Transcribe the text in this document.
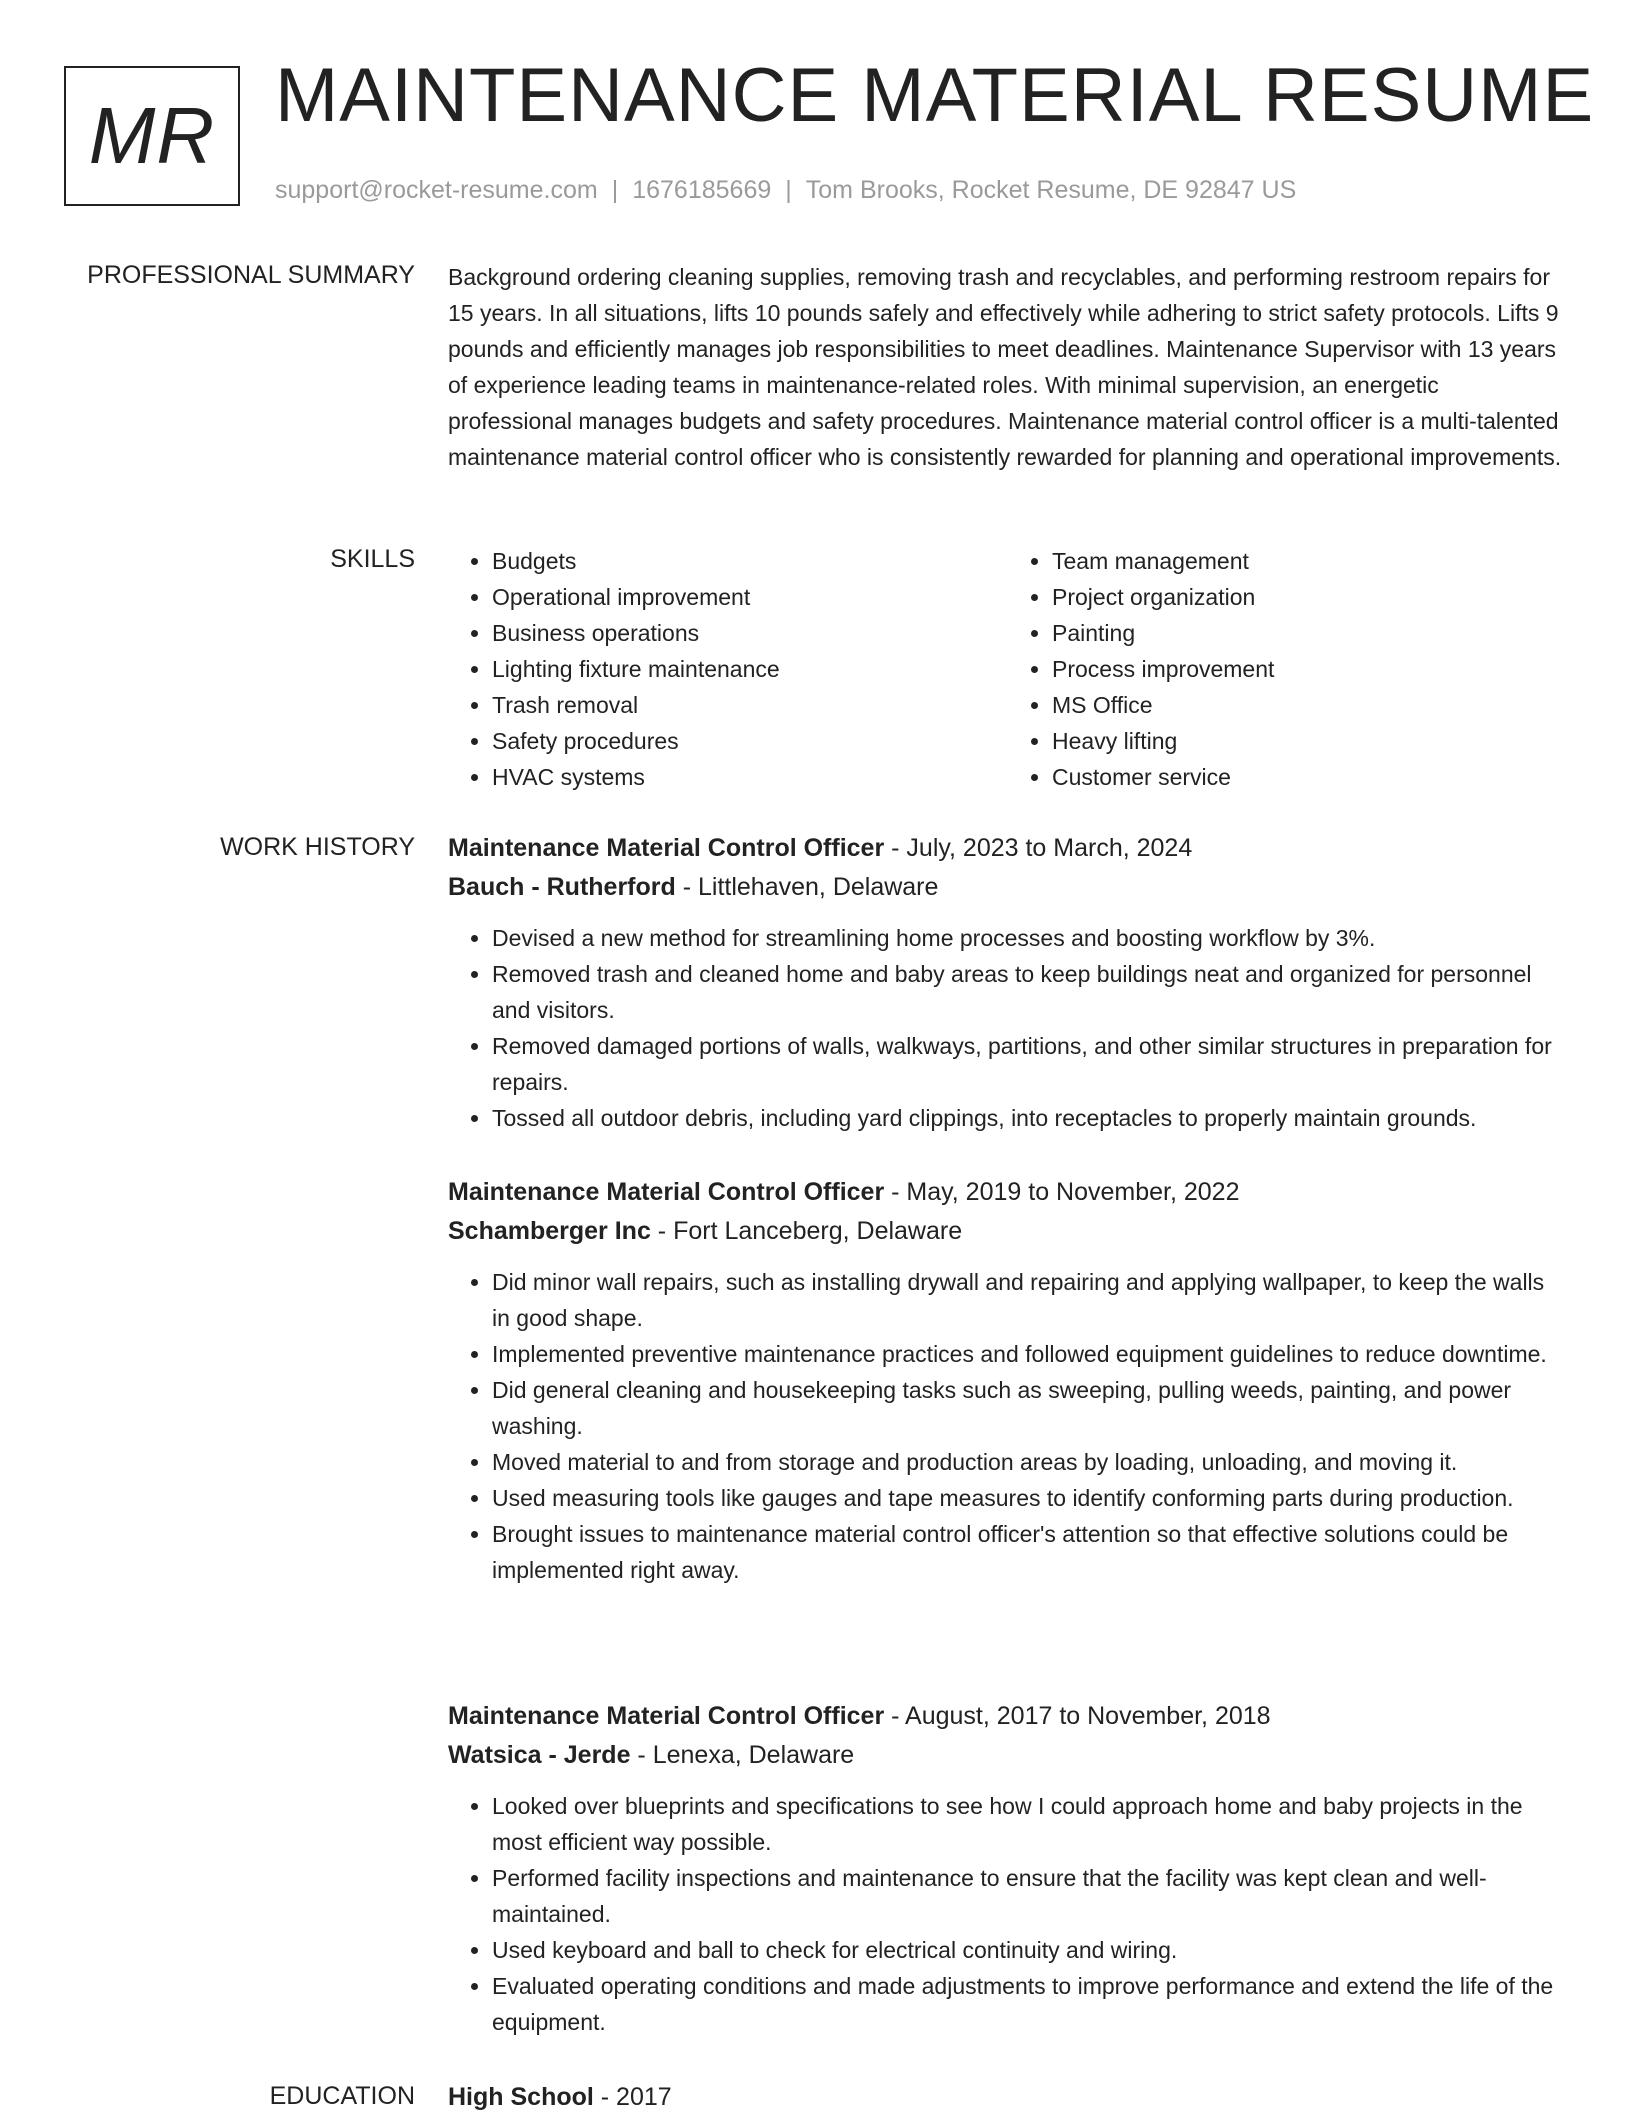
MR MAINTENANCE MATERIAL RESUME
support@rocket-resume.com | 1676185669 | Tom Brooks, Rocket Resume, DE 92847 US
PROFESSIONAL SUMMARY Background ordering cleaning supplies, removing trash and recyclables, and performing restroom repairs for 15 years. In all situations, lifts 10 pounds safely and effectively while adhering to strict safety protocols. Lifts 9 pounds and efficiently manages job responsibilities to meet deadlines. Maintenance Supervisor with 13 years of experience leading teams in maintenance-related roles. With minimal supervision, an energetic professional manages budgets and safety procedures. Maintenance material control officer is a multi-talented maintenance material control officer who is consistently rewarded for planning and operational improvements.

SKILLS
•	Budgets
• Operational improvement
• Business operations
• Lighting fixture maintenance
• Trash removal
• Safety procedures
• HVAC systems
• Team management
• Project organization
• Painting
• Process improvement
• MS Office
• Heavy lifting
• Customer service
WORK HISTORY Maintenance Material Control Officer - July, 2023 to March, 2024
Bauch - Rutherford - Littlehaven, Delaware
• Devised a new method for streamlining home processes and boosting workflow by 3%.
• Removed trash and cleaned home and baby areas to keep buildings neat and organized for personnel and visitors.
• Removed damaged portions of walls, walkways, partitions, and other similar structures in preparation for repairs.
• Tossed all outdoor debris, including yard clippings, into receptacles to properly maintain grounds.
Maintenance Material Control Officer - May, 2019 to November, 2022
Schamberger Inc - Fort Lanceberg, Delaware
• Did minor wall repairs, such as installing drywall and repairing and applying wallpaper, to keep the walls in good shape.
• Implemented preventive maintenance practices and followed equipment guidelines to reduce downtime.
• Did general cleaning and housekeeping tasks such as sweeping, pulling weeds, painting, and power washing.
• Moved material to and from storage and production areas by loading, unloading, and moving it.
• Used measuring tools like gauges and tape measures to identify conforming parts during production.
• Brought issues to maintenance material control officer's attention so that effective solutions could be implemented right away.
Maintenance Material Control Officer - August, 2017 to November, 2018
Watsica - Jerde - Lenexa, Delaware
• Looked over blueprints and specifications to see how I could approach home and baby projects in the most efficient way possible.
• Performed facility inspections and maintenance to ensure that the facility was kept clean and well-maintained.
• Used keyboard and ball to check for electrical continuity and wiring.
• Evaluated operating conditions and made adjustments to improve performance and extend the life of the equipment.
EDUCATION High School - 2017
